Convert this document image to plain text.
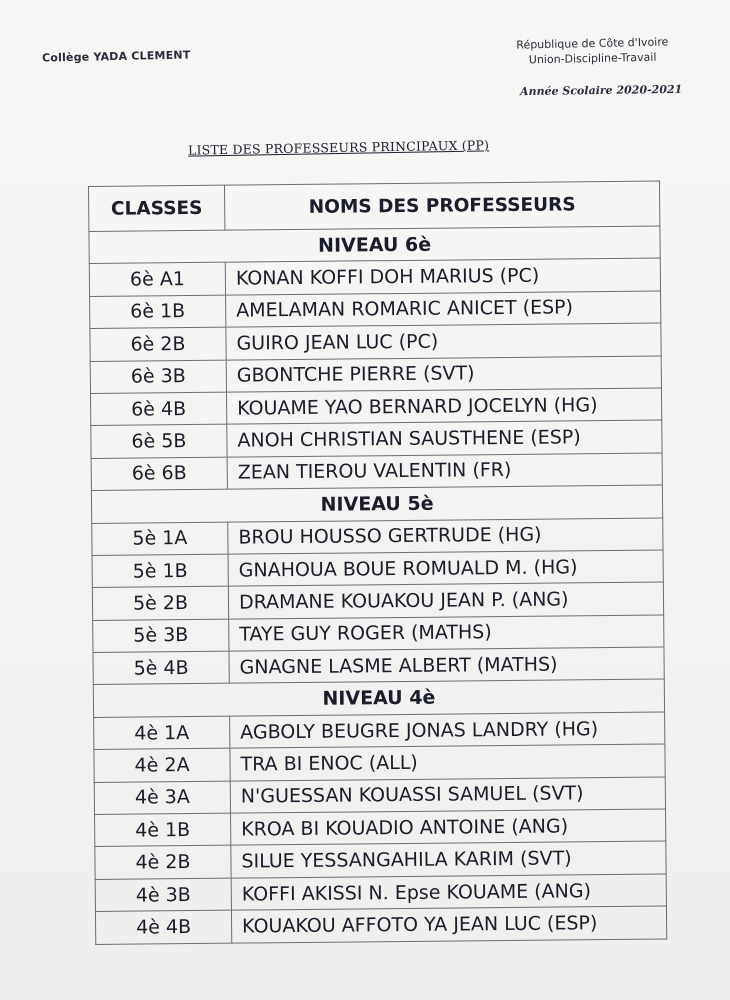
Collège YADA CLEMENT
République de Côte d'Ivoire
Union-Discipline-Travail
Année Scolaire 2020-2021
LISTE DES PROFESSEURS PRINCIPAUX (PP)
CLASSES	NOMS DES PROFESSEURS
NIVEAU 6è	
6è A1	KONAN KOFFI DOH MARIUS (PC)
6è 1B	AMELAMAN ROMARIC ANICET (ESP)
6è 2B	GUIRO JEAN LUC (PC)
6è 3B	GBONTCHE PIERRE (SVT)
6è 4B	KOUAME YAO BERNARD JOCELYN (HG)
6è 5B	ANOH CHRISTIAN SAUSTHENE (ESP)
6è 6B	ZEAN TIEROU VALENTIN (FR)
NIVEAU 5è	
5è 1A	BROU HOUSSO GERTRUDE (HG)
5è 1B	GNAHOUA BOUE ROMUALD M. (HG)
5è 2B	DRAMANE KOUAKOU JEAN P. (ANG)
5è 3B	TAYE GUY ROGER (MATHS)
5è 4B	GNAGNE LASME ALBERT (MATHS)
NIVEAU 4è	
4è 1A	AGBOLY BEUGRE JONAS LANDRY (HG)
4è 2A	TRA BI ENOC (ALL)
4è 3A	N'GUESSAN KOUASSI SAMUEL (SVT)
4è 1B	KROA BI KOUADIO ANTOINE (ANG)
4è 2B	SILUE YESSANGAHILA KARIM (SVT)
4è 3B	KOFFI AKISSI N. Epse KOUAME (ANG)
4è 4B	KOUAKOU AFFOTO YA JEAN LUC (ESP)
